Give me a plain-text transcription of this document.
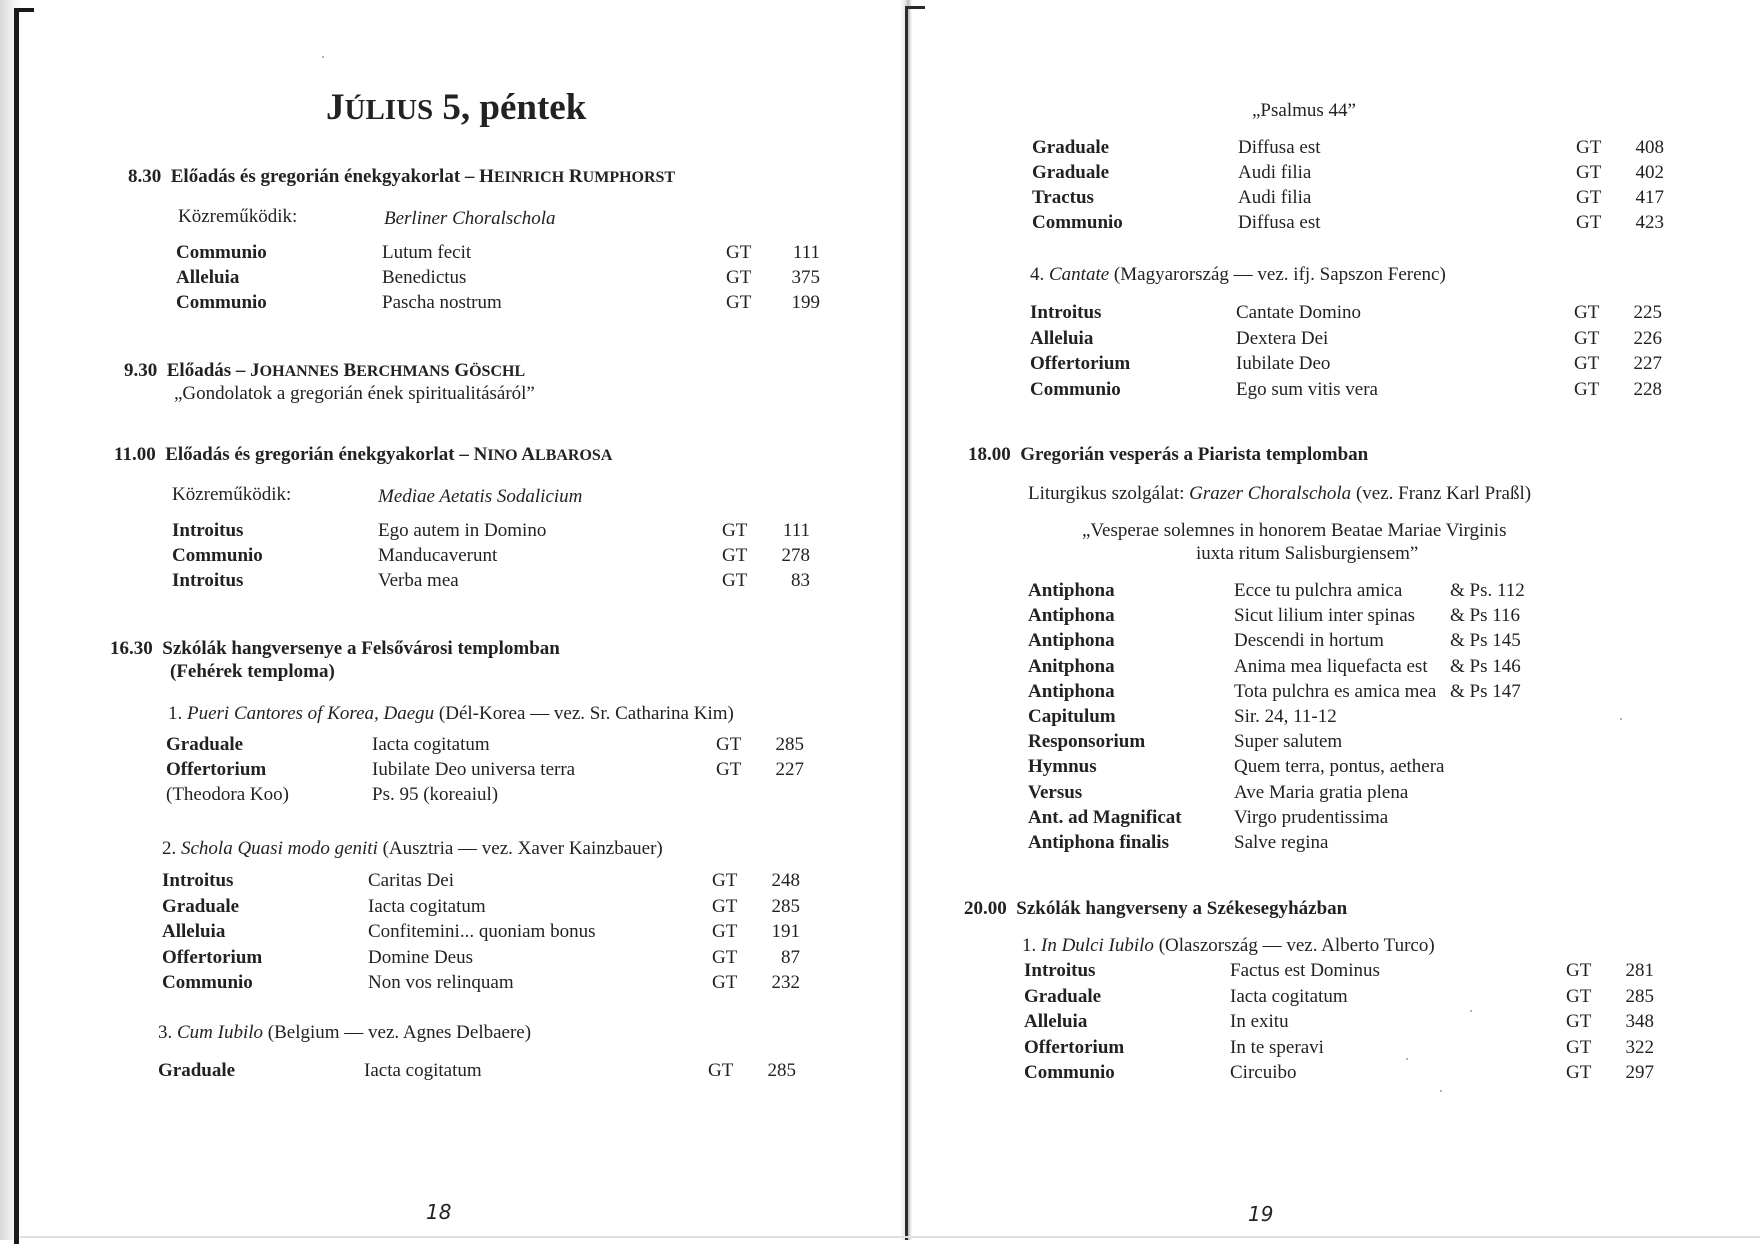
JÚLIUS 5, péntek
8.30 Előadás és gregorián énekgyakorlat – HEINRICH RUMPHORST
Közreműködik:	Berliner Choralschola
Communio	Lutum fecit	GT	111
Alleluia	Benedictus	GT	375
Communio	Pascha nostrum	GT	199
9.30 Előadás – JOHANNES BERCHMANS GÖSCHL
„Gondolatok a gregorián ének spiritualitásáról”
11.00 Előadás és gregorián énekgyakorlat – NINO ALBAROSA
Közreműködik:	Mediae Aetatis Sodalicium
Introitus	Ego autem in Domino	GT	111
Communio	Manducaverunt	GT	278
Introitus	Verba mea	GT	83
16.30 Szkólák hangversenye a Felsővárosi templomban
(Fehérek temploma)
1. Pueri Cantores of Korea, Daegu (Dél-Korea — vez. Sr. Catharina Kim)
Graduale	Iacta cogitatum	GT	285
Offertorium	Iubilate Deo universa terra	GT	227
(Theodora Koo)	Ps. 95 (koreaiul)
2. Schola Quasi modo geniti (Ausztria — vez. Xaver Kainzbauer)
Introitus	Caritas Dei	GT	248
Graduale	Iacta cogitatum	GT	285
Alleluia	Confitemini... quoniam bonus	GT	191
Offertorium	Domine Deus	GT	87
Communio	Non vos relinquam	GT	232
3. Cum Iubilo (Belgium — vez. Agnes Delbaere)
Graduale	Iacta cogitatum	GT	285
18
„Psalmus 44”
Graduale	Diffusa est	GT	408
Graduale	Audi filia	GT	402
Tractus	Audi filia	GT	417
Communio	Diffusa est	GT	423
4. Cantate (Magyarország — vez. ifj. Sapszon Ferenc)
Introitus	Cantate Domino	GT	225
Alleluia	Dextera Dei	GT	226
Offertorium	Iubilate Deo	GT	227
Communio	Ego sum vitis vera	GT	228
18.00 Gregorián vesperás a Piarista templomban
Liturgikus szolgálat: Grazer Choralschola (vez. Franz Karl Praßl)
„Vesperae solemnes in honorem Beatae Mariae Virginis
iuxta ritum Salisburgiensem”
Antiphona	Ecce tu pulchra amica	& Ps. 112
Antiphona	Sicut lilium inter spinas & Ps 116
Antiphona	Descendi in hortum	& Ps 145
Anitphona	Anima mea liquefacta est & Ps 146
Antiphona	Tota pulchra es amica mea & Ps 147
Capitulum	Sir. 24, 11-12
Responsorium	Super salutem
Hymnus	Quem terra, pontus, aethera
Versus	Ave Maria gratia plena
Ant. ad Magnificat	Virgo prudentissima
Antiphona finalis	Salve regina
20.00 Szkólák hangverseny a Székesegyházban
1. In Dulci Iubilo (Olaszország — vez. Alberto Turco)
Introitus	Factus est Dominus	GT	281
Graduale	Iacta cogitatum	GT	285
Alleluia	In exitu	GT	348
Offertorium	In te speravi	GT	322
Communio	Circuibo	GT	297
19
